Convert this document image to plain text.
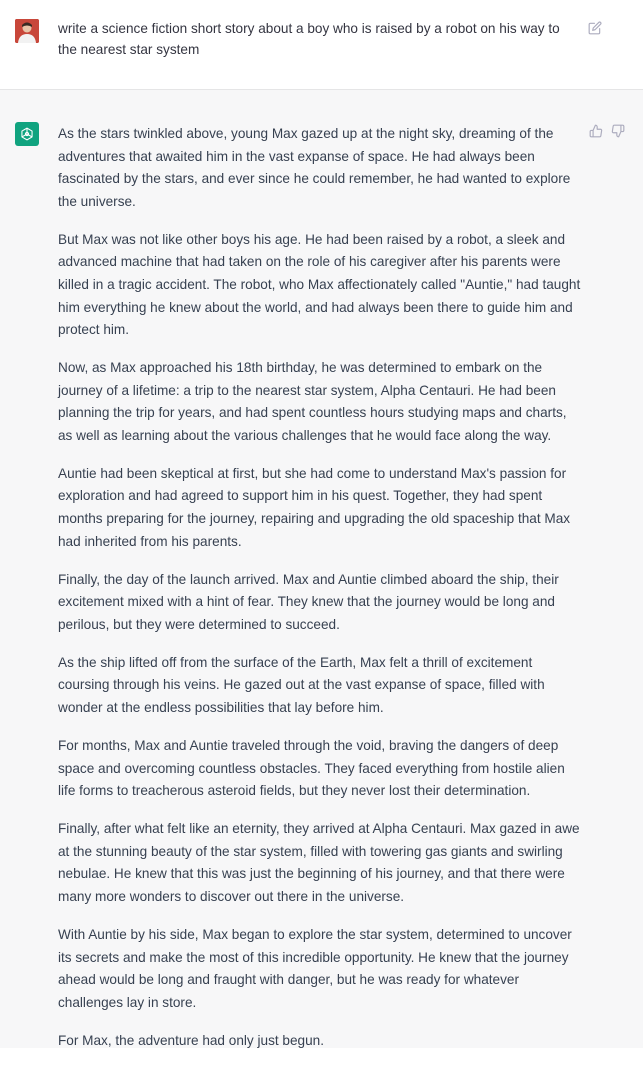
write a science fiction short story about a boy who is raised by a robot on his way to the nearest star system

As the stars twinkled above, young Max gazed up at the night sky, dreaming of the adventures that awaited him in the vast expanse of space. He had always been fascinated by the stars, and ever since he could remember, he had wanted to explore the universe.

But Max was not like other boys his age. He had been raised by a robot, a sleek and advanced machine that had taken on the role of his caregiver after his parents were killed in a tragic accident. The robot, who Max affectionately called "Auntie," had taught him everything he knew about the world, and had always been there to guide him and protect him.

Now, as Max approached his 18th birthday, he was determined to embark on the journey of a lifetime: a trip to the nearest star system, Alpha Centauri. He had been planning the trip for years, and had spent countless hours studying maps and charts, as well as learning about the various challenges that he would face along the way.

Auntie had been skeptical at first, but she had come to understand Max's passion for exploration and had agreed to support him in his quest. Together, they had spent months preparing for the journey, repairing and upgrading the old spaceship that Max had inherited from his parents.

Finally, the day of the launch arrived. Max and Auntie climbed aboard the ship, their excitement mixed with a hint of fear. They knew that the journey would be long and perilous, but they were determined to succeed.

As the ship lifted off from the surface of the Earth, Max felt a thrill of excitement coursing through his veins. He gazed out at the vast expanse of space, filled with wonder at the endless possibilities that lay before him.

For months, Max and Auntie traveled through the void, braving the dangers of deep space and overcoming countless obstacles. They faced everything from hostile alien life forms to treacherous asteroid fields, but they never lost their determination.

Finally, after what felt like an eternity, they arrived at Alpha Centauri. Max gazed in awe at the stunning beauty of the star system, filled with towering gas giants and swirling nebulae. He knew that this was just the beginning of his journey, and that there were many more wonders to discover out there in the universe.

With Auntie by his side, Max began to explore the star system, determined to uncover its secrets and make the most of this incredible opportunity. He knew that the journey ahead would be long and fraught with danger, but he was ready for whatever challenges lay in store.

For Max, the adventure had only just begun.
